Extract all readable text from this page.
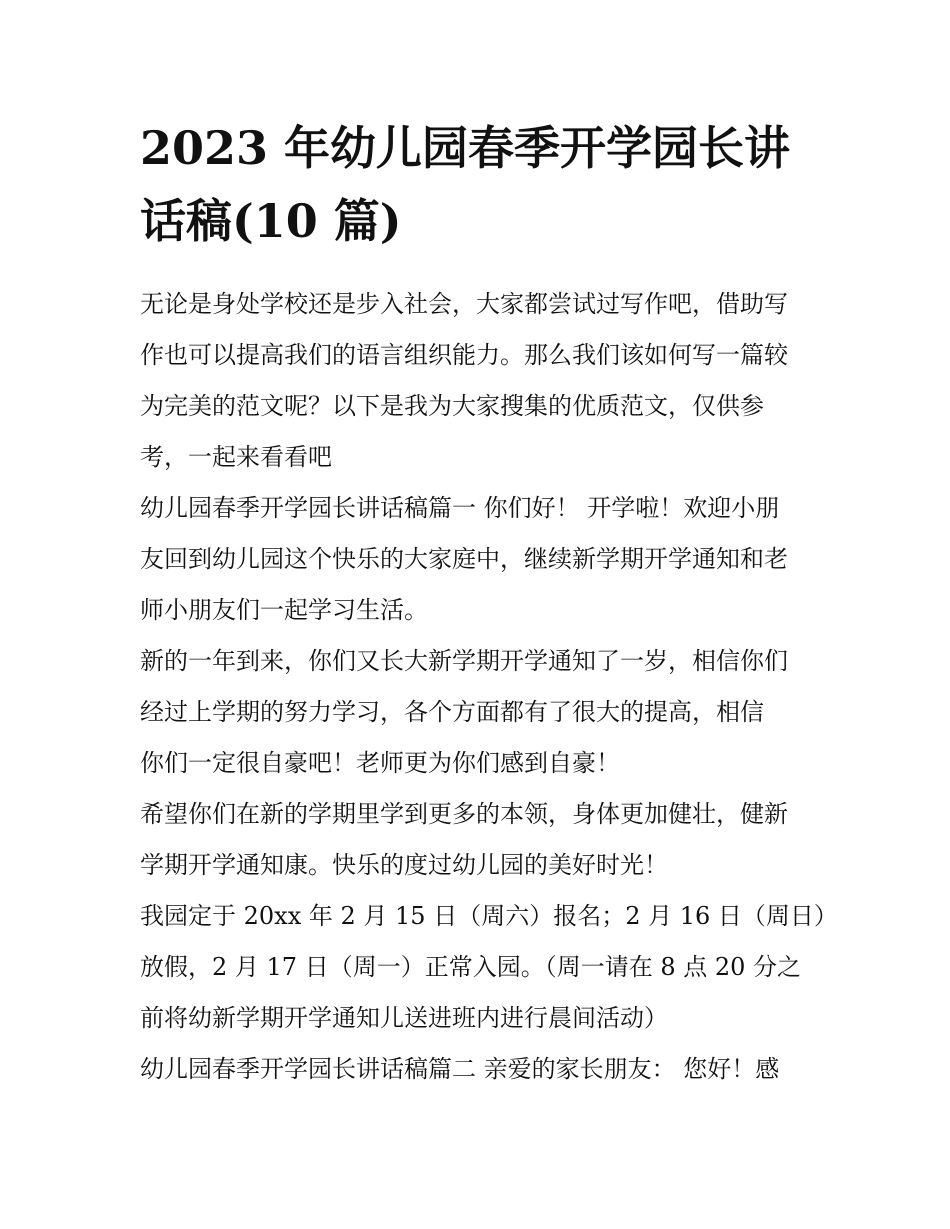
2023 年幼儿园春季开学园长讲
话稿(10 篇)
无论是身处学校还是步入社会，大家都尝试过写作吧，借助写
作也可以提高我们的语言组织能力。那么我们该如何写一篇较
为完美的范文呢？以下是我为大家搜集的优质范文，仅供参
考，一起来看看吧
幼儿园春季开学园长讲话稿篇一 你们好！ 开学啦！欢迎小朋
友回到幼儿园这个快乐的大家庭中，继续新学期开学通知和老
师小朋友们一起学习生活。
新的一年到来，你们又长大新学期开学通知了一岁，相信你们
经过上学期的努力学习，各个方面都有了很大的提高，相信
你们一定很自豪吧！老师更为你们感到自豪！
希望你们在新的学期里学到更多的本领，身体更加健壮，健新
学期开学通知康。快乐的度过幼儿园的美好时光！
我园定于 20xx 年 2 月 15 日（周六）报名；2 月 16 日（周日）
放假，2 月 17 日（周一）正常入园。（周一请在 8 点 20 分之
前将幼新学期开学通知儿送进班内进行晨间活动）
幼儿园春季开学园长讲话稿篇二 亲爱的家长朋友： 您好！感
